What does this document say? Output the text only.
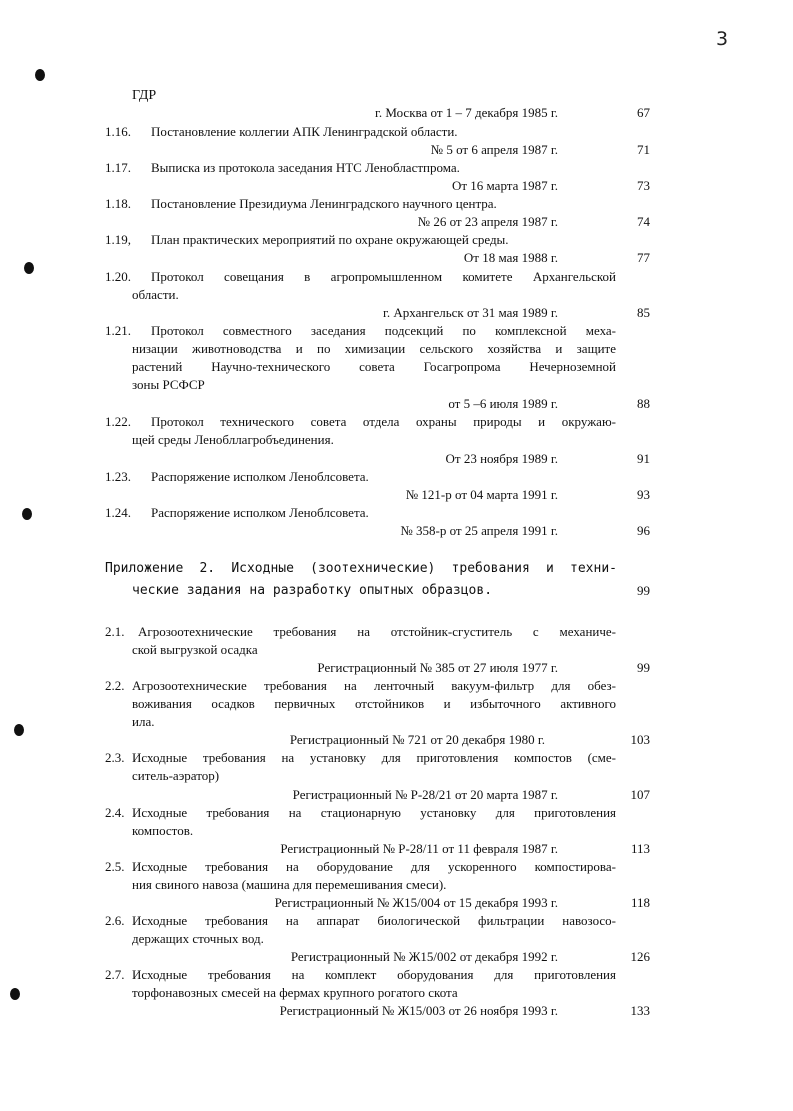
3
ГДР
г. Москва от 1 – 7 декабря 1985 г.	67
1.16. Постановление коллегии АПК Ленинградской области.
№ 5 от 6 апреля 1987 г.	71
1.17. Выписка из протокола заседания НТС Ленобластпрома.
От 16 марта 1987 г.	73
1.18. Постановление Президиума Ленинградского научного центра.
№ 26 от 23 апреля 1987 г.	74
1.19, План практических мероприятий по охране окружающей среды.
От 18 мая 1988 г.	77
1.20. Протокол совещания в агропромышленном комитете Архангельской
области.
г. Архангельск от 31 мая 1989 г.	85
1.21. Протокол совместного заседания подсекций по комплексной меха-
низации животноводства и по химизации сельского хозяйства и защите
растений Научно-технического совета Госагропрома Нечерноземной
зоны РСФСР
от 5 –6 июля 1989 г.	88
1.22. Протокол технического совета отдела охраны природы и окружаю-
щей среды Ленобллагробъединения.
От 23 ноября 1989 г.	91
1.23. Распоряжение исполком Леноблсовета.
№ 121-р от 04 марта 1991 г.	93
1.24. Распоряжение исполком Леноблсовета.
№ 358-р от 25 апреля 1991 г.	96
Приложение 2. Исходные (зоотехнические) требования и техни-
ческие задания на разработку опытных образцов.	99
2.1. Агрозоотехнические требования на отстойник-сгуститель с механиче-
ской выгрузкой осадка
Регистрационный № 385 от 27 июля 1977 г.	99
2.2. Агрозоотехнические требования на ленточный вакуум-фильтр для обез-
воживания осадков первичных отстойников и избыточного активного
ила.
Регистрационный № 721 от 20 декабря 1980 г.	103
2.3. Исходные требования на установку для приготовления компостов (сме-
ситель-аэратор)
Регистрационный № Р-28/21 от 20 марта 1987 г.	107
2.4. Исходные требования на стационарную установку для приготовления
компостов.
Регистрационный № Р-28/11 от 11 февраля 1987 г.	113
2.5. Исходные требования на оборудование для ускоренного компостирова-
ния свиного навоза (машина для перемешивания смеси).
Регистрационный № Ж15/004 от 15 декабря 1993 г.	118
2.6. Исходные требования на аппарат биологической фильтрации навозосо-
держащих сточных вод.
Регистрационный № Ж15/002 от декабря 1992 г.	126
2.7. Исходные требования на комплект оборудования для приготовления
торфонавозных смесей на фермах крупного рогатого скота
Регистрационный № Ж15/003 от 26 ноября 1993 г.	133
